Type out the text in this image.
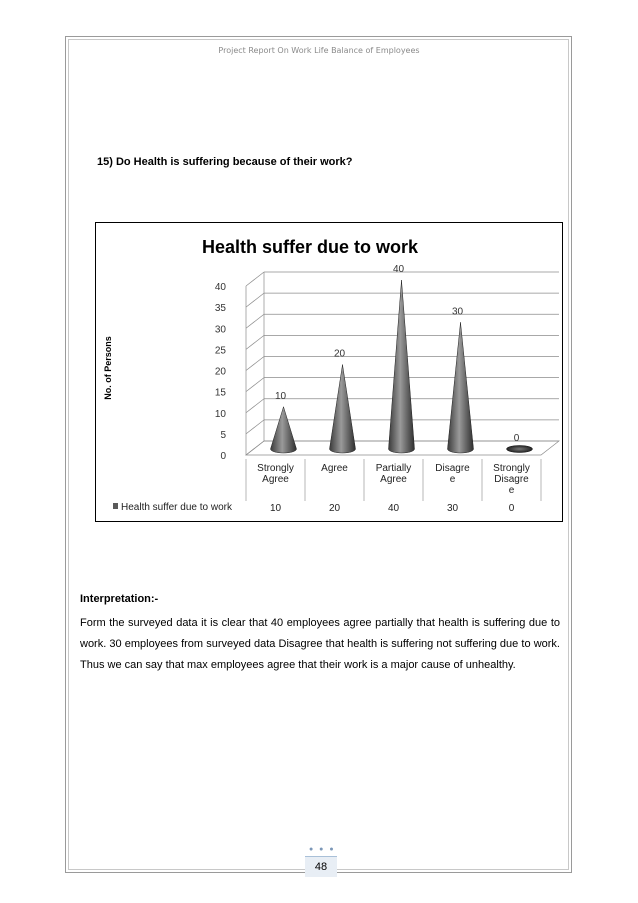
Project Report On Work Life Balance of Employees
15) Do Health is suffering because of their work?
Health suffer due to work
No. of Persons
0
5
10
15
20
25
30
35
40
10
20
40
30
0
Strongly
Agree
10
Agree
20
Partially
Agree
40
Disagre
e
30
Strongly
Disagre
e
0
Health suffer due to work
Interpretation:-
Form the surveyed data it is clear that 40 employees agree partially that health is suffering due to work. 30 employees from surveyed data Disagree that health is suffering not suffering due to work. Thus we can say that max employees agree that their work is a major cause of unhealthy.
● ● ●
48
